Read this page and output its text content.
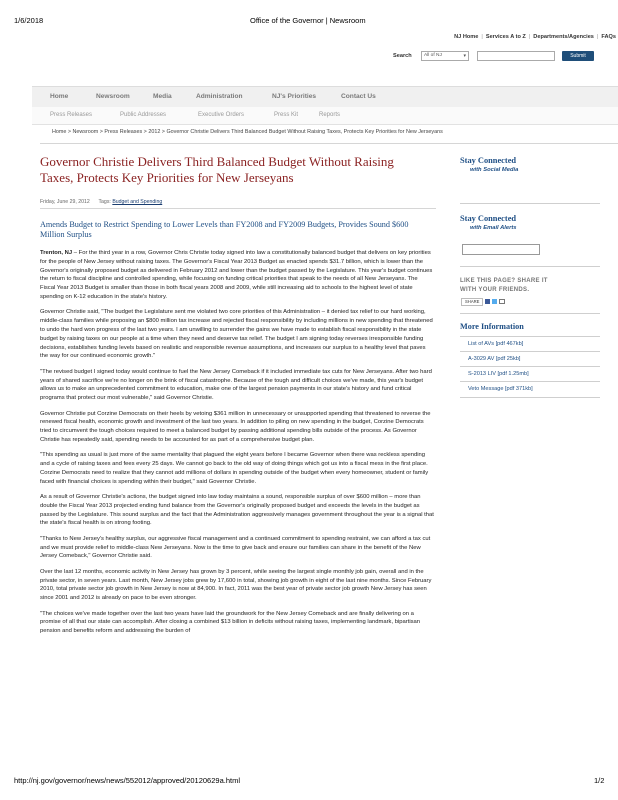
1/6/2018	Office of the Governor | Newsroom
NJ Home | Services A to Z | Departments/Agencies | FAQs
Search	All of NJ	▾	Submit
Home	Newsroom	Media	Administration	NJ's Priorities	Contact Us
Press Releases	Public Addresses	Executive Orders	Press Kit	Reports
Home > Newsroom > Press Releases > 2012 > Governor Christie Delivers Third Balanced Budget Without Raising Taxes, Protects Key Priorities for New Jerseyans
Governor Christie Delivers Third Balanced Budget Without Raising Taxes, Protects Key Priorities for New Jerseyans
Friday, June 29, 2012 Tags: Budget and Spending
Amends Budget to Restrict Spending to Lower Levels than FY2008 and FY2009 Budgets, Provides Sound $600 Million Surplus

Trenton, NJ – For the third year in a row, Governor Chris Christie today signed into law a constitutionally balanced budget that delivers on key priorities for the people of New Jersey without raising taxes. The Governor's Fiscal Year 2013 Budget as enacted spends $31.7 billion, which is lower than the Governor's originally proposed budget as delivered in February 2012 and lower than the budget passed by the Legislature. This year's budget continues the return to fiscal discipline and controlled spending, while focusing on funding critical priorities that speak to the needs of all New Jerseyans. The Fiscal Year 2013 Budget is smaller than those in both fiscal years 2008 and 2009, while still increasing aid to schools to the highest level of state spending on K-12 education in the state's history.

Governor Christie said, "The budget the Legislature sent me violated two core priorities of this Administration – it denied tax relief to our hard working, middle-class families while proposing an $800 million tax increase and rejected fiscal responsibility by including millions in new spending that threatened to undo the hard won progress of the last two years. I am unwilling to surrender the gains we have made to establish fiscal responsibility in the state budget by raising taxes on our people at a time when they need and deserve tax relief. The budget I am signing today reverses irresponsible funding decisions, establishes funding levels based on realistic and responsible revenue assumptions, and increases our surplus to a healthy level that paves the way for our continued economic growth."

"The revised budget I signed today would continue to fuel the New Jersey Comeback if it included immediate tax cuts for New Jerseyans. After two hard years of shared sacrifice we're no longer on the brink of fiscal catastrophe. Because of the tough and difficult choices we've made, this year's budget allows us to make an unprecedented commitment to education, make one of the largest pension payments in our state's history and fund critical programs that protect our most vulnerable," said Governor Christie.

Governor Christie put Corzine Democrats on their heels by vetoing $361 million in unnecessary or unsupported spending that threatened to reverse the renewed fiscal health, economic growth and investment of the last two years. In addition to piling on new spending in the budget, Corzine Democrats tried to circumvent the tough choices required to meet a balanced budget by passing additional spending bills outside of the process. As Governor Christie has repeatedly said, spending needs to be accounted for as part of a comprehensive budget plan.

"This spending as usual is just more of the same mentality that plagued the eight years before I became Governor when there was reckless spending and a cycle of raising taxes and fees every 25 days. We cannot go back to the old way of doing things which got us into a fiscal mess in the first place. Corzine Democrats need to realize that they cannot add millions of dollars in spending outside of the budget when every homeowner, student or family faced with financial choices is spending within their budget," said Governor Christie.

As a result of Governor Christie's actions, the budget signed into law today maintains a sound, responsible surplus of over $600 million – more than double the Fiscal Year 2013 projected ending fund balance from the Governor's originally proposed budget and exceeds the levels in the budget as passed by the Legislature. This sound surplus and the fact that the Administration aggressively manages government throughout the year is a signal that the state's fiscal health is on strong footing.

"Thanks to New Jersey's healthy surplus, our aggressive fiscal management and a continued commitment to spending restraint, we can afford a tax cut and we must provide relief to middle-class New Jerseyans. Now is the time to give back and ensure our families can share in the benefit of the New Jersey Comeback," Governor Christie said.

Over the last 12 months, economic activity in New Jersey has grown by 3 percent, while seeing the largest single monthly job gain, overall and in the private sector, in seven years. Last month, New Jersey jobs grew by 17,600 in total, showing job growth in eight of the last nine months. Since February 2010, total private sector job growth in New Jersey is now at 84,900. In fact, 2011 was the best year of private sector job growth New Jersey has seen since 2001 and 2012 is already on pace to be even stronger.

"The choices we've made together over the last two years have laid the groundwork for the New Jersey Comeback and are finally delivering on a promise of all that our state can accomplish. After closing a combined $13 billion in deficits without raising taxes, implementing landmark, bipartisan pension and benefits reform and addressing the burden of

Stay Connected
with Social Media
Stay Connected
with Email Alerts
LIKE THIS PAGE? SHARE IT
WITH YOUR FRIENDS.
SHARE
More Information
List of AVs [pdf 467kb]
A-3029 AV [pdf 25kb]
S-2013 LIV [pdf 1.25mb]
Veto Message [pdf 371kb]
http://nj.gov/governor/news/news/552012/approved/20120629a.html	1/2
